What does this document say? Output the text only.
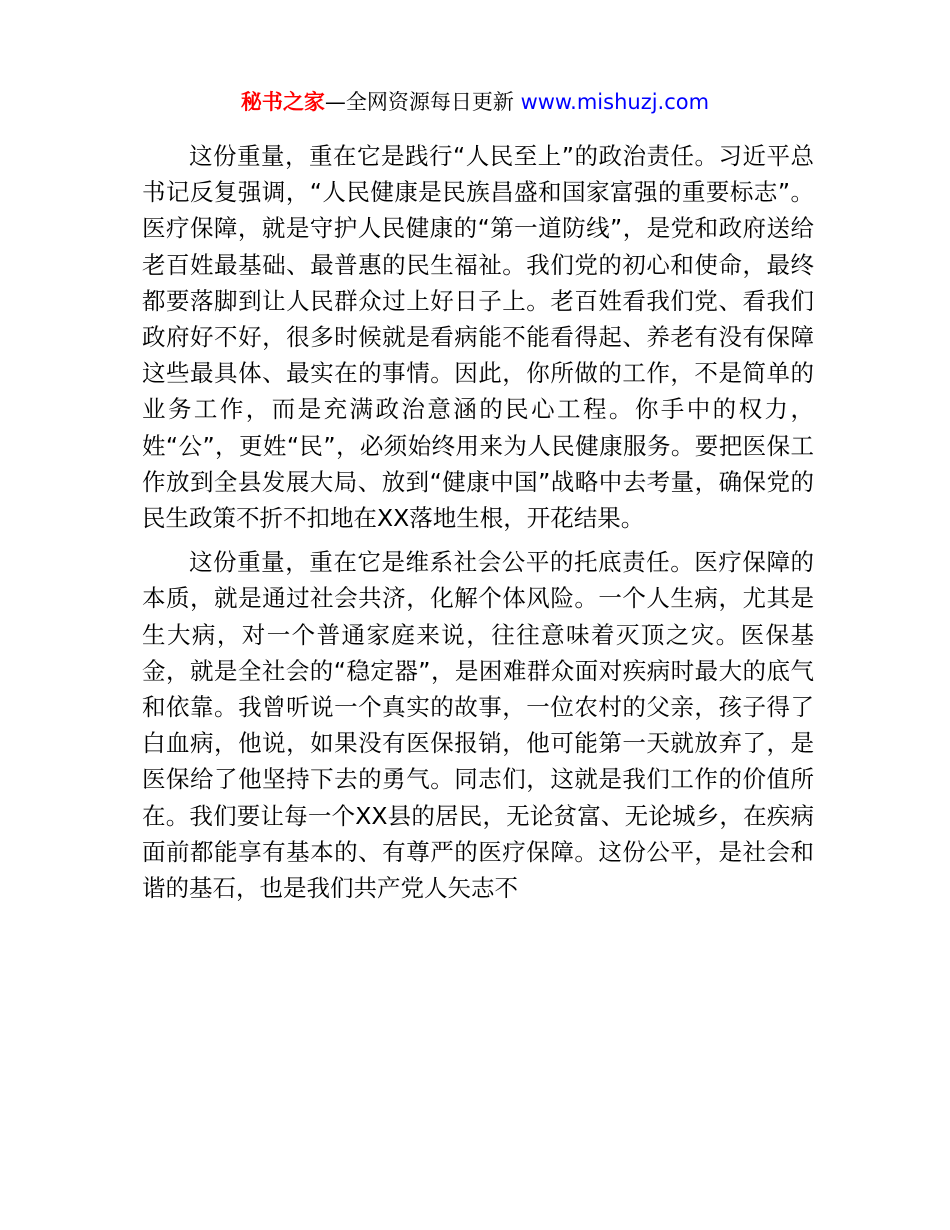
秘书之家—全网资源每日更新 www.mishuzj.com

这份重量，重在它是践行“人民至上”的政治责任。习近平总书记反复强调，“人民健康是民族昌盛和国家富强的重要标志”。医疗保障，就是守护人民健康的“第一道防线”，是党和政府送给老百姓最基础、最普惠的民生福祉。我们党的初心和使命，最终都要落脚到让人民群众过上好日子上。老百姓看我们党、看我们政府好不好，很多时候就是看病能不能看得起、养老有没有保障这些最具体、最实在的事情。因此，你所做的工作，不是简单的业务工作，而是充满政治意涵的民心工程。你手中的权力，姓“公”，更姓“民”，必须始终用来为人民健康服务。要把医保工作放到全县发展大局、放到“健康中国”战略中去考量，确保党的民生政策不折不扣地在XX落地生根，开花结果。

这份重量，重在它是维系社会公平的托底责任。医疗保障的本质，就是通过社会共济，化解个体风险。一个人生病，尤其是生大病，对一个普通家庭来说，往往意味着灭顶之灾。医保基金，就是全社会的“稳定器”，是困难群众面对疾病时最大的底气和依靠。我曾听说一个真实的故事，一位农村的父亲，孩子得了白血病，他说，如果没有医保报销，他可能第一天就放弃了，是医保给了他坚持下去的勇气。同志们，这就是我们工作的价值所在。我们要让每一个XX县的居民，无论贫富、无论城乡，在疾病面前都能享有基本的、有尊严的医疗保障。这份公平，是社会和谐的基石，也是我们共产党人矢志不
